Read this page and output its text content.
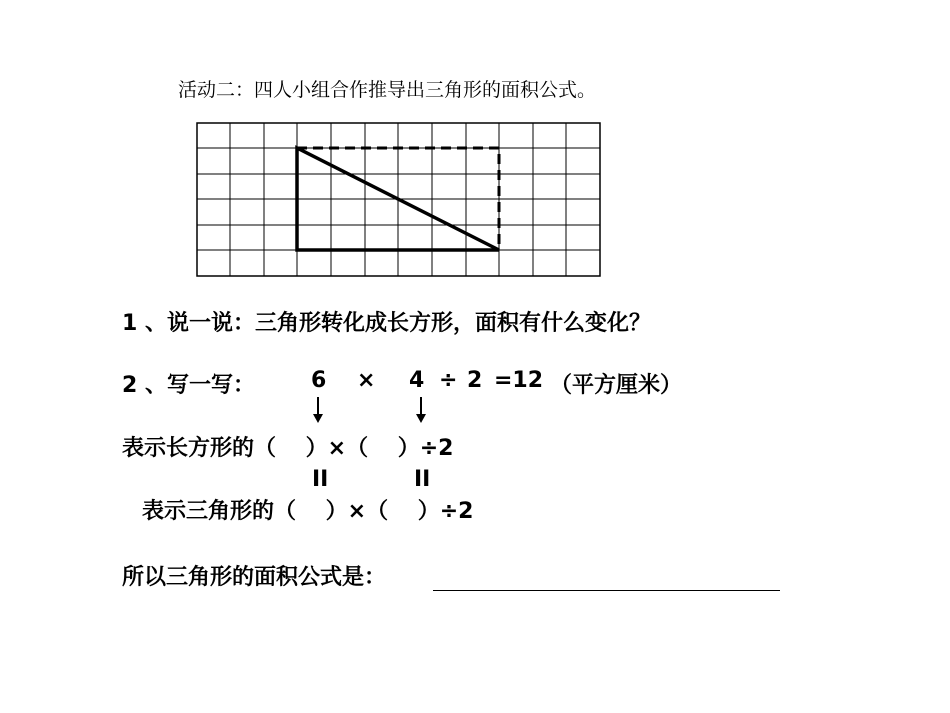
活动二：四人小组合作推导出三角形的面积公式。
1 、说一说：三角形转化成长方形，面积有什么变化？
2 、写一写：	6 × 4 ÷ 2 =12 （平方厘米）
表示长方形的（　 ）×（　 ）÷2
II	II
表示三角形的（　 ）×（　 ）÷2
所以三角形的面积公式是：
